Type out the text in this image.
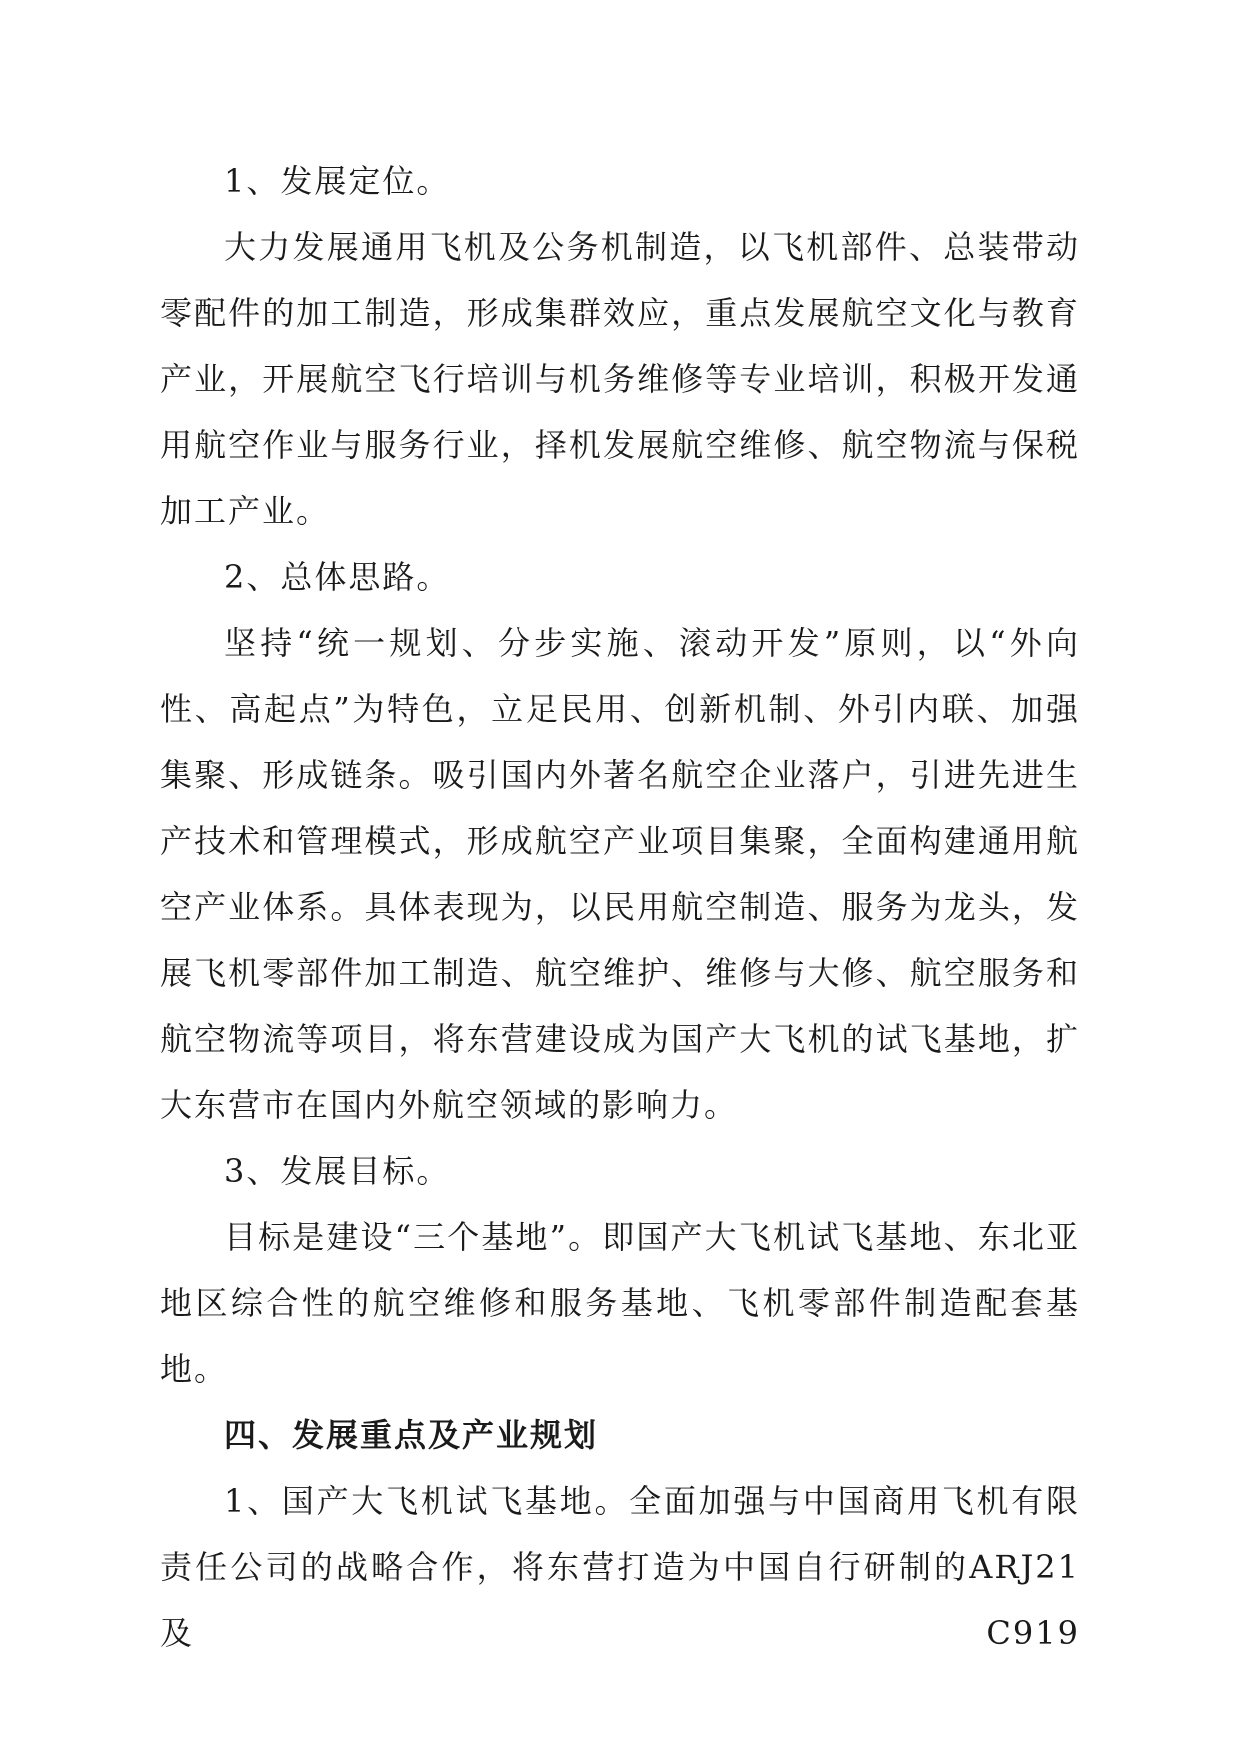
1、发展定位。

大力发展通用飞机及公务机制造，以飞机部件、总装带动零配件的加工制造，形成集群效应，重点发展航空文化与教育产业，开展航空飞行培训与机务维修等专业培训，积极开发通用航空作业与服务行业，择机发展航空维修、航空物流与保税加工产业。

2、总体思路。

坚持“统一规划、分步实施、滚动开发”原则，以“外向性、高起点”为特色，立足民用、创新机制、外引内联、加强集聚、形成链条。吸引国内外著名航空企业落户，引进先进生产技术和管理模式，形成航空产业项目集聚，全面构建通用航空产业体系。具体表现为，以民用航空制造、服务为龙头，发展飞机零部件加工制造、航空维护、维修与大修、航空服务和航空物流等项目，将东营建设成为国产大飞机的试飞基地，扩大东营市在国内外航空领域的影响力。

3、发展目标。

目标是建设“三个基地”。即国产大飞机试飞基地、东北亚地区综合性的航空维修和服务基地、飞机零部件制造配套基地。

四、发展重点及产业规划

1、国产大飞机试飞基地。全面加强与中国商用飞机有限责任公司的战略合作，将东营打造为中国自行研制的ARJ21及C919
